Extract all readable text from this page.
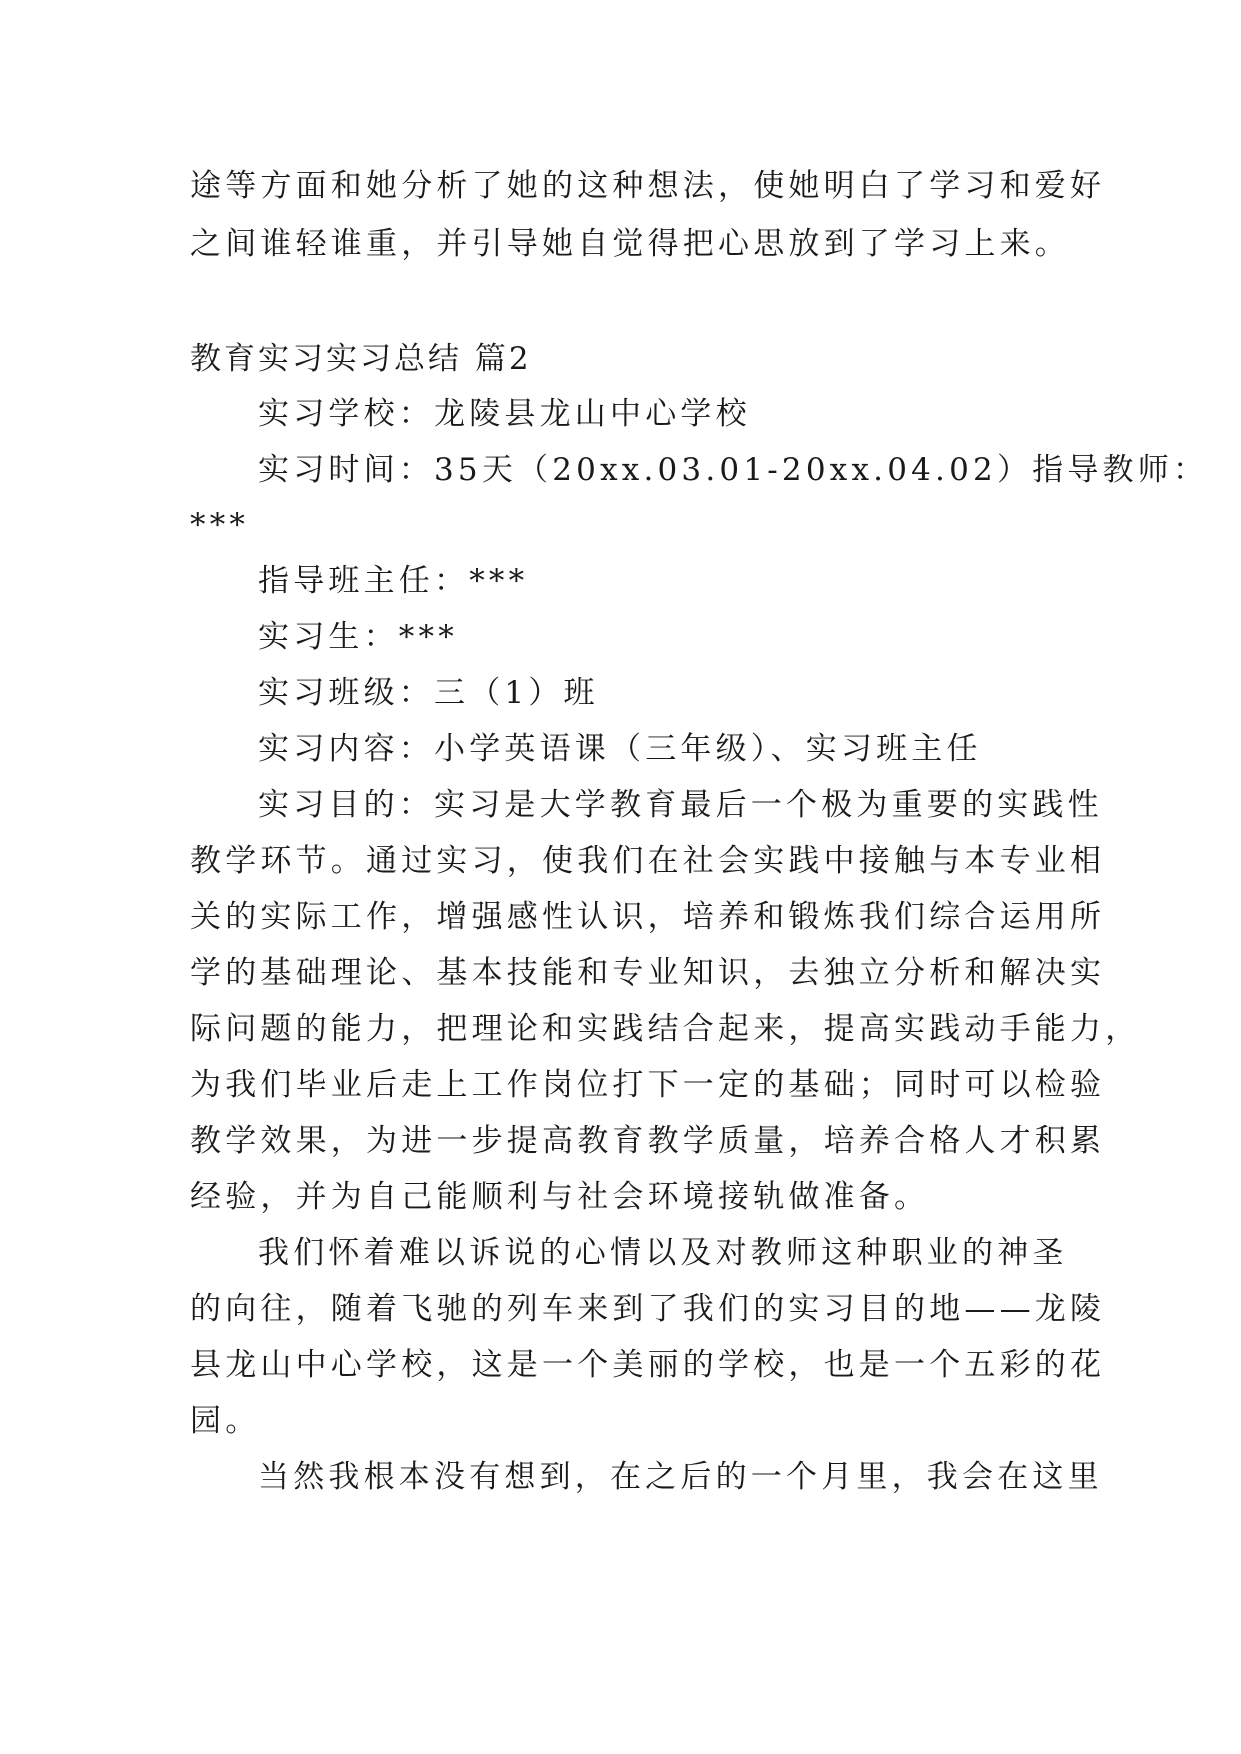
途等方面和她分析了她的这种想法，使她明白了学习和爱好
之间谁轻谁重，并引导她自觉得把心思放到了学习上来。
教育实习实习总结 篇2
实习学校：龙陵县龙山中心学校
实习时间：35天（20xx.03.01-20xx.04.02）指导教师：
***
指导班主任：***
实习生：***
实习班级：三（1）班
实习内容：小学英语课（三年级）、实习班主任
实习目的：实习是大学教育最后一个极为重要的实践性
教学环节。通过实习，使我们在社会实践中接触与本专业相
关的实际工作，增强感性认识，培养和锻炼我们综合运用所
学的基础理论、基本技能和专业知识，去独立分析和解决实
际问题的能力，把理论和实践结合起来，提高实践动手能力，
为我们毕业后走上工作岗位打下一定的基础；同时可以检验
教学效果，为进一步提高教育教学质量，培养合格人才积累
经验，并为自己能顺利与社会环境接轨做准备。
我们怀着难以诉说的心情以及对教师这种职业的神圣
的向往，随着飞驰的列车来到了我们的实习目的地——龙陵
县龙山中心学校，这是一个美丽的学校，也是一个五彩的花
园。
当然我根本没有想到，在之后的一个月里，我会在这里
